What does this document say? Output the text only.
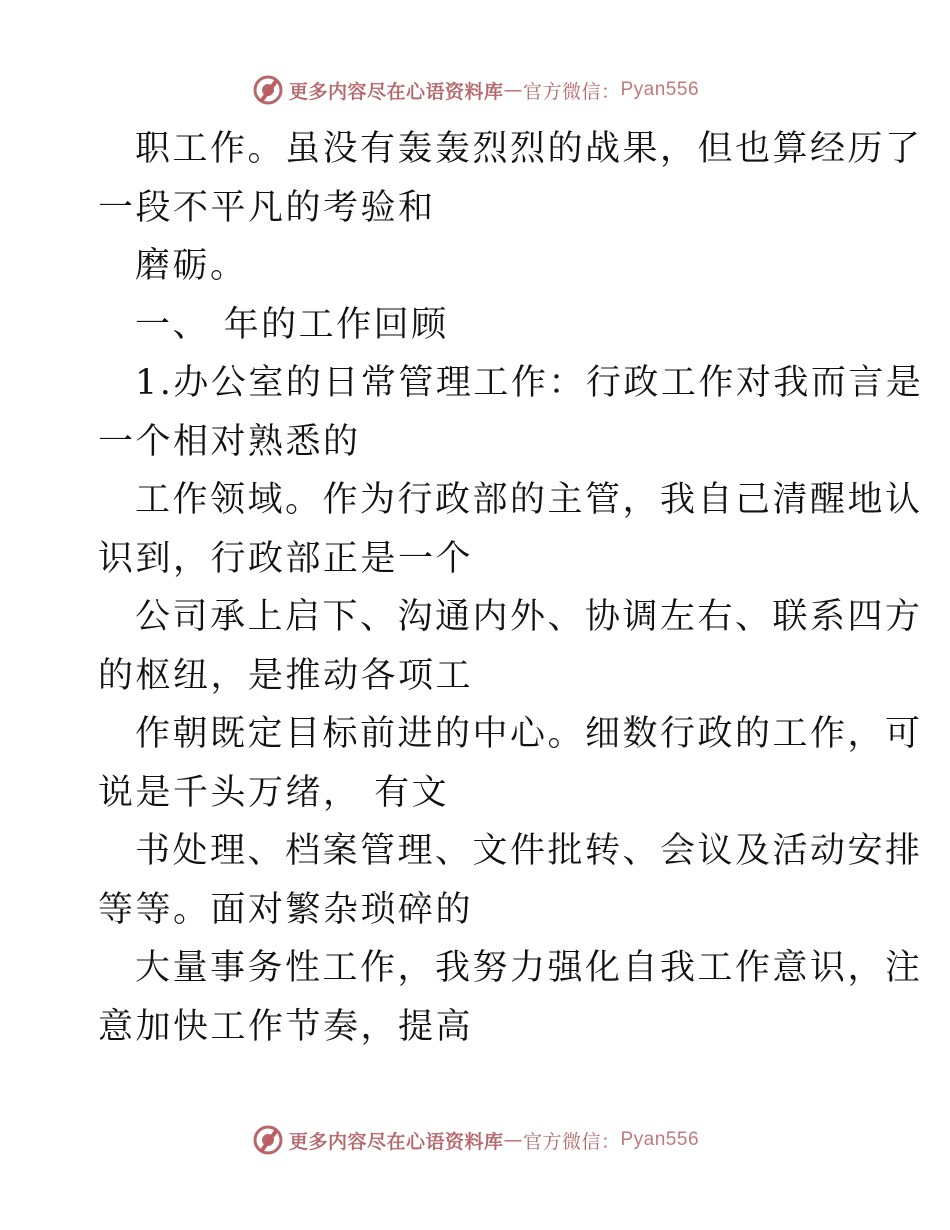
更多内容尽在心语资料库 — 官方微信： Pyan556

职工作。虽没有轰轰烈烈的战果，但也算经历了
一段不平凡的考验和

磨砺。

一、 年的工作回顾

1.办公室的日常管理工作：行政工作对我而言是
一个相对熟悉的

工作领域。作为行政部的主管，我自己清醒地认
识到，行政部正是一个

公司承上启下、沟通内外、协调左右、联系四方
的枢纽，是推动各项工

作朝既定目标前进的中心。细数行政的工作，可
说是千头万绪， 有文

书处理、档案管理、文件批转、会议及活动安排
等等。面对繁杂琐碎的

大量事务性工作，我努力强化自我工作意识，注
意加快工作节奏，提高

更多内容尽在心语资料库 — 官方微信： Pyan556
